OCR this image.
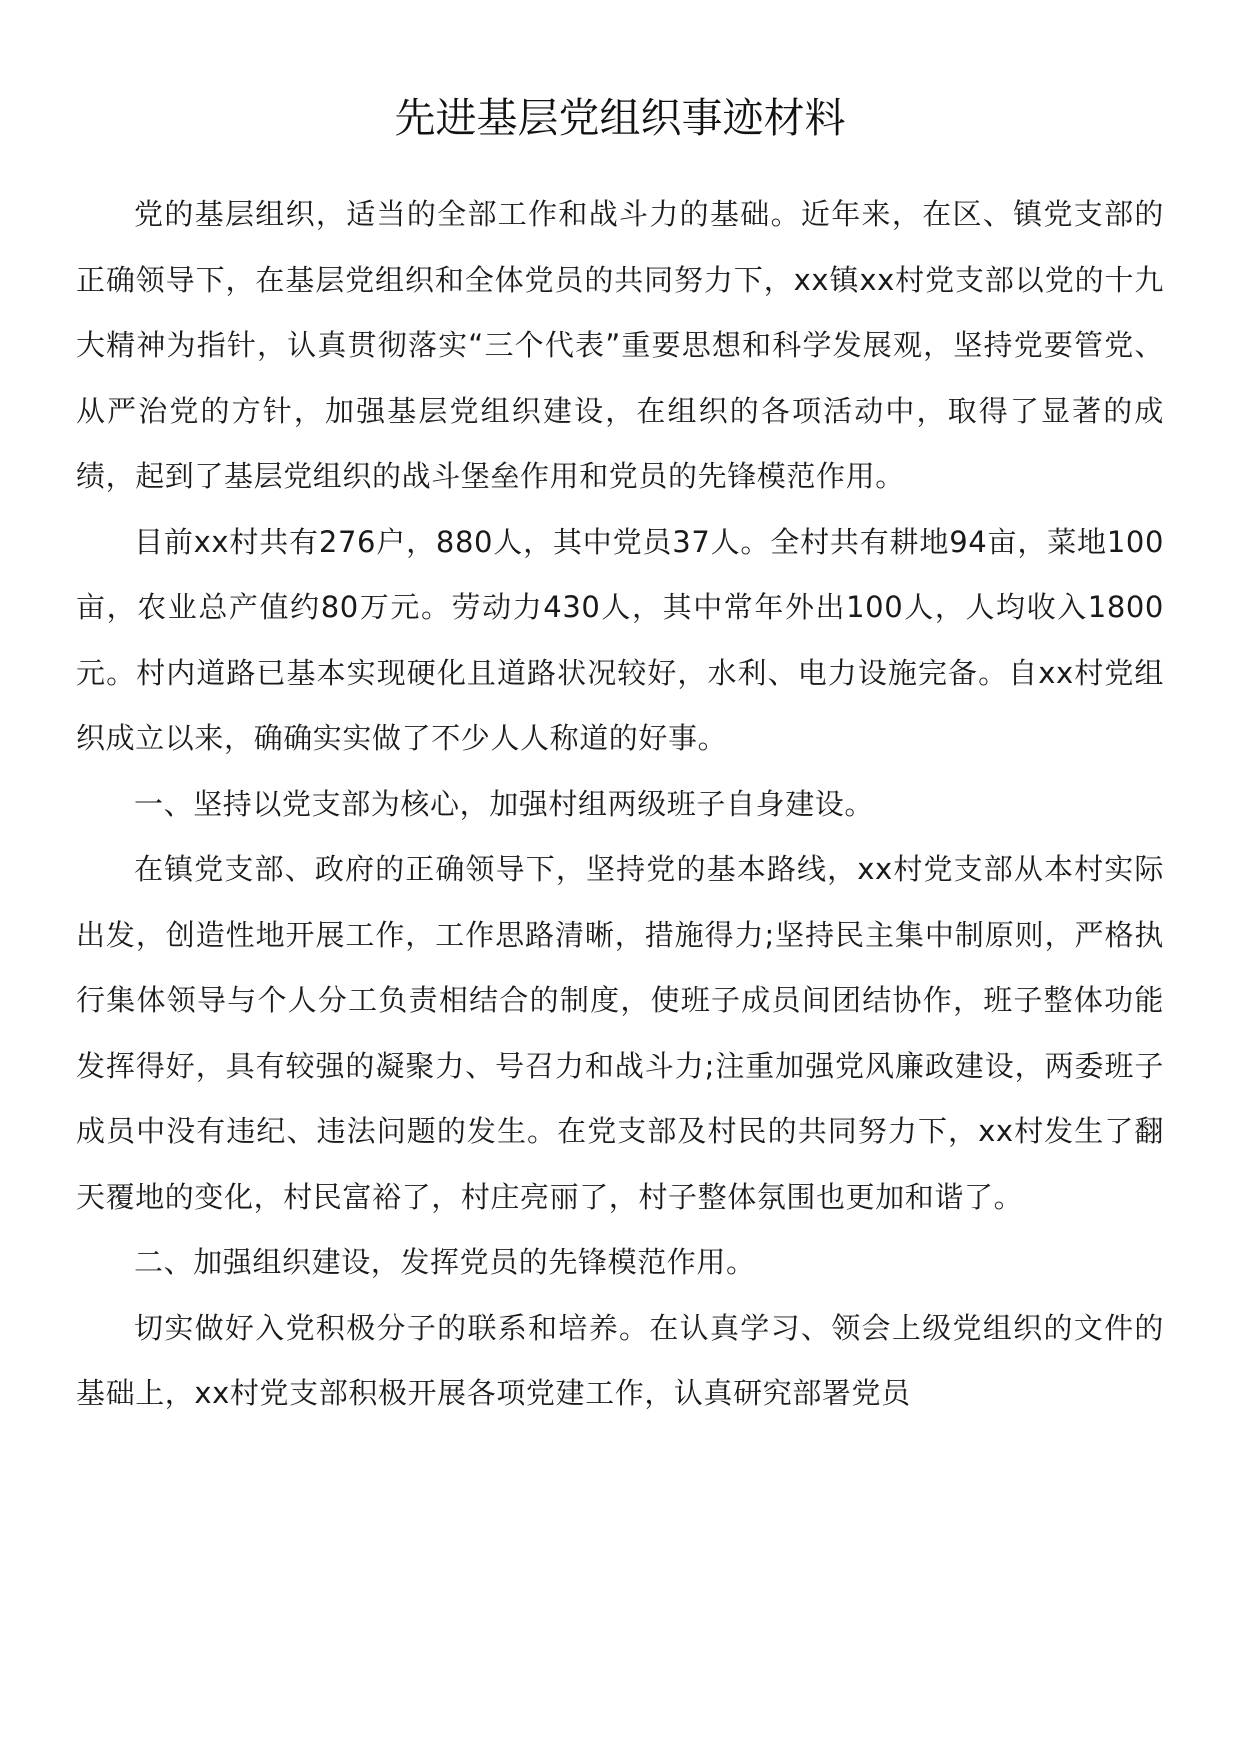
先进基层党组织事迹材料

党的基层组织，适当的全部工作和战斗力的基础。近年来，在区、镇党支部的正确领导下，在基层党组织和全体党员的共同努力下，xx镇xx村党支部以党的十九大精神为指针，认真贯彻落实“三个代表”重要思想和科学发展观，坚持党要管党、从严治党的方针，加强基层党组织建设，在组织的各项活动中，取得了显著的成绩，起到了基层党组织的战斗堡垒作用和党员的先锋模范作用。

目前xx村共有276户，880人，其中党员37人。全村共有耕地94亩，菜地100亩，农业总产值约80万元。劳动力430人，其中常年外出100人，人均收入1800元。村内道路已基本实现硬化且道路状况较好，水利、电力设施完备。自xx村党组织成立以来，确确实实做了不少人人称道的好事。

一、坚持以党支部为核心，加强村组两级班子自身建设。

在镇党支部、政府的正确领导下，坚持党的基本路线，xx村党支部从本村实际出发，创造性地开展工作，工作思路清晰，措施得力;坚持民主集中制原则，严格执行集体领导与个人分工负责相结合的制度，使班子成员间团结协作，班子整体功能发挥得好，具有较强的凝聚力、号召力和战斗力;注重加强党风廉政建设，两委班子成员中没有违纪、违法问题的发生。在党支部及村民的共同努力下，xx村发生了翻天覆地的变化，村民富裕了，村庄亮丽了，村子整体氛围也更加和谐了。

二、加强组织建设，发挥党员的先锋模范作用。

切实做好入党积极分子的联系和培养。在认真学习、领会上级党组织的文件的基础上，xx村党支部积极开展各项党建工作，认真研究部署党员
